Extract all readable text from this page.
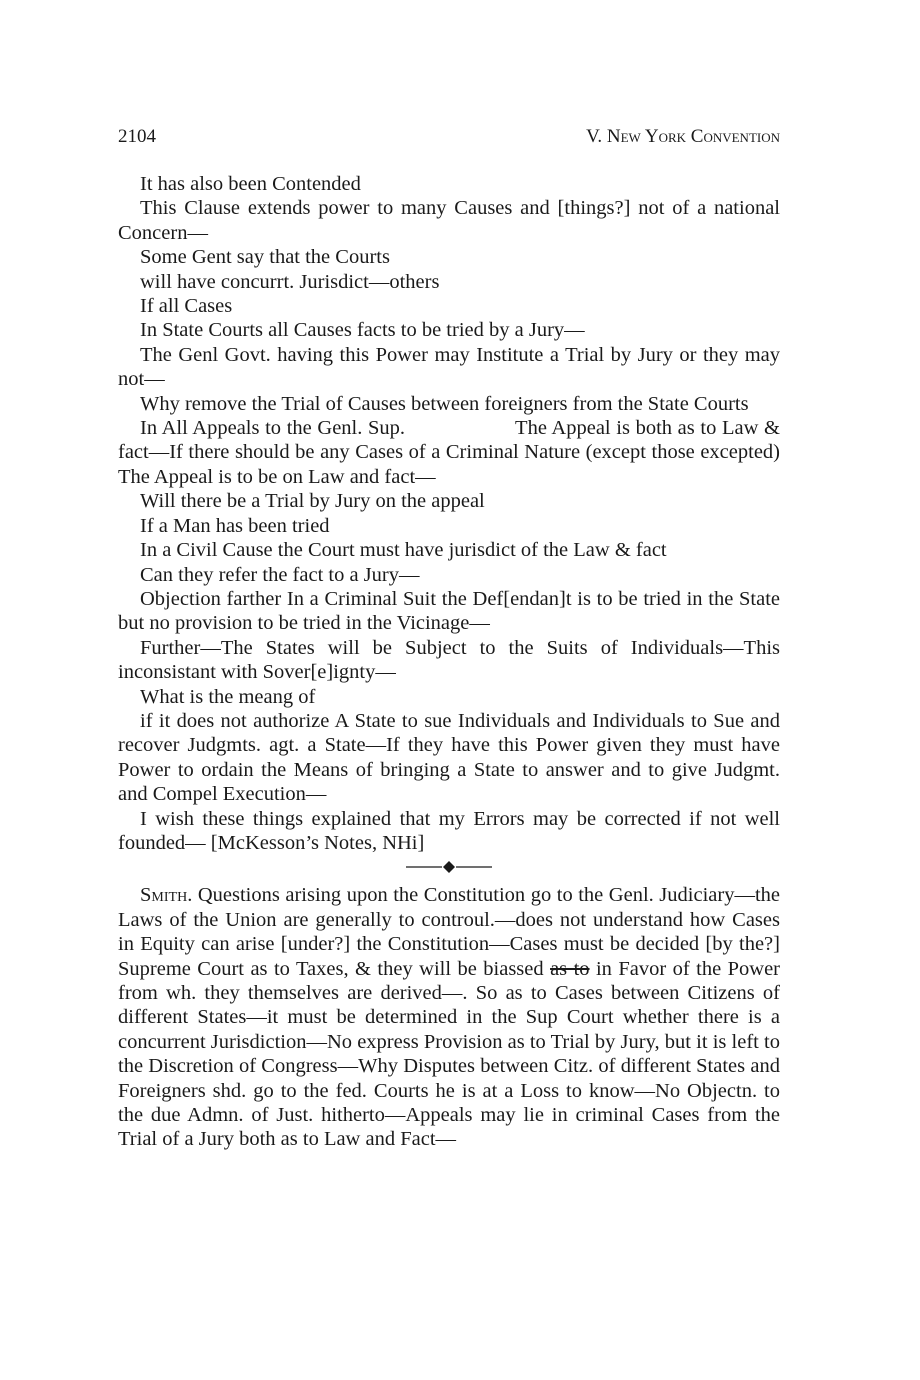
2104	V. New York Convention

It has also been Contended

This Clause extends power to many Causes and [things?] not of a national Concern—

Some Gent say that the Courts

will have concurrt. Jurisdict—others

If all Cases

In State Courts all Causes facts to be tried by a Jury—

The Genl Govt. having this Power may Institute a Trial by Jury or they may not—

Why remove the Trial of Causes between foreigners from the State Courts

In All Appeals to the Genl. Sup.	The Appeal is both as to Law & fact—If there should be any Cases of a Criminal Nature (except those excepted) The Appeal is to be on Law and fact—

Will there be a Trial by Jury on the appeal

If a Man has been tried

In a Civil Cause the Court must have jurisdict of the Law & fact

Can they refer the fact to a Jury—

Objection farther In a Criminal Suit the Def[endan]t is to be tried in the State but no provision to be tried in the Vicinage—

Further—The States will be Subject to the Suits of Individuals—This inconsistant with Sover[e]ignty—

What is the meang of

if it does not authorize A State to sue Individuals and Individuals to Sue and recover Judgmts. agt. a State—If they have this Power given they must have Power to ordain the Means of bringing a State to answer and to give Judgmt. and Compel Execution—

I wish these things explained that my Errors may be corrected if not well founded— [McKesson’s Notes, NHi]

Smith. Questions arising upon the Constitution go to the Genl. Judiciary—the Laws of the Union are generally to controul.—does not understand how Cases in Equity can arise [under?] the Constitution—Cases must be decided [by the?] Supreme Court as to Taxes, & they will be biassed as to in Favor of the Power from wh. they themselves are derived—. So as to Cases between Citizens of different States—it must be determined in the Sup Court whether there is a concurrent Jurisdiction—No express Provision as to Trial by Jury, but it is left to the Discretion of Congress—Why Disputes between Citz. of different States and Foreigners shd. go to the fed. Courts he is at a Loss to know—No Objectn. to the due Admn. of Just. hitherto—Appeals may lie in criminal Cases from the Trial of a Jury both as to Law and Fact—
